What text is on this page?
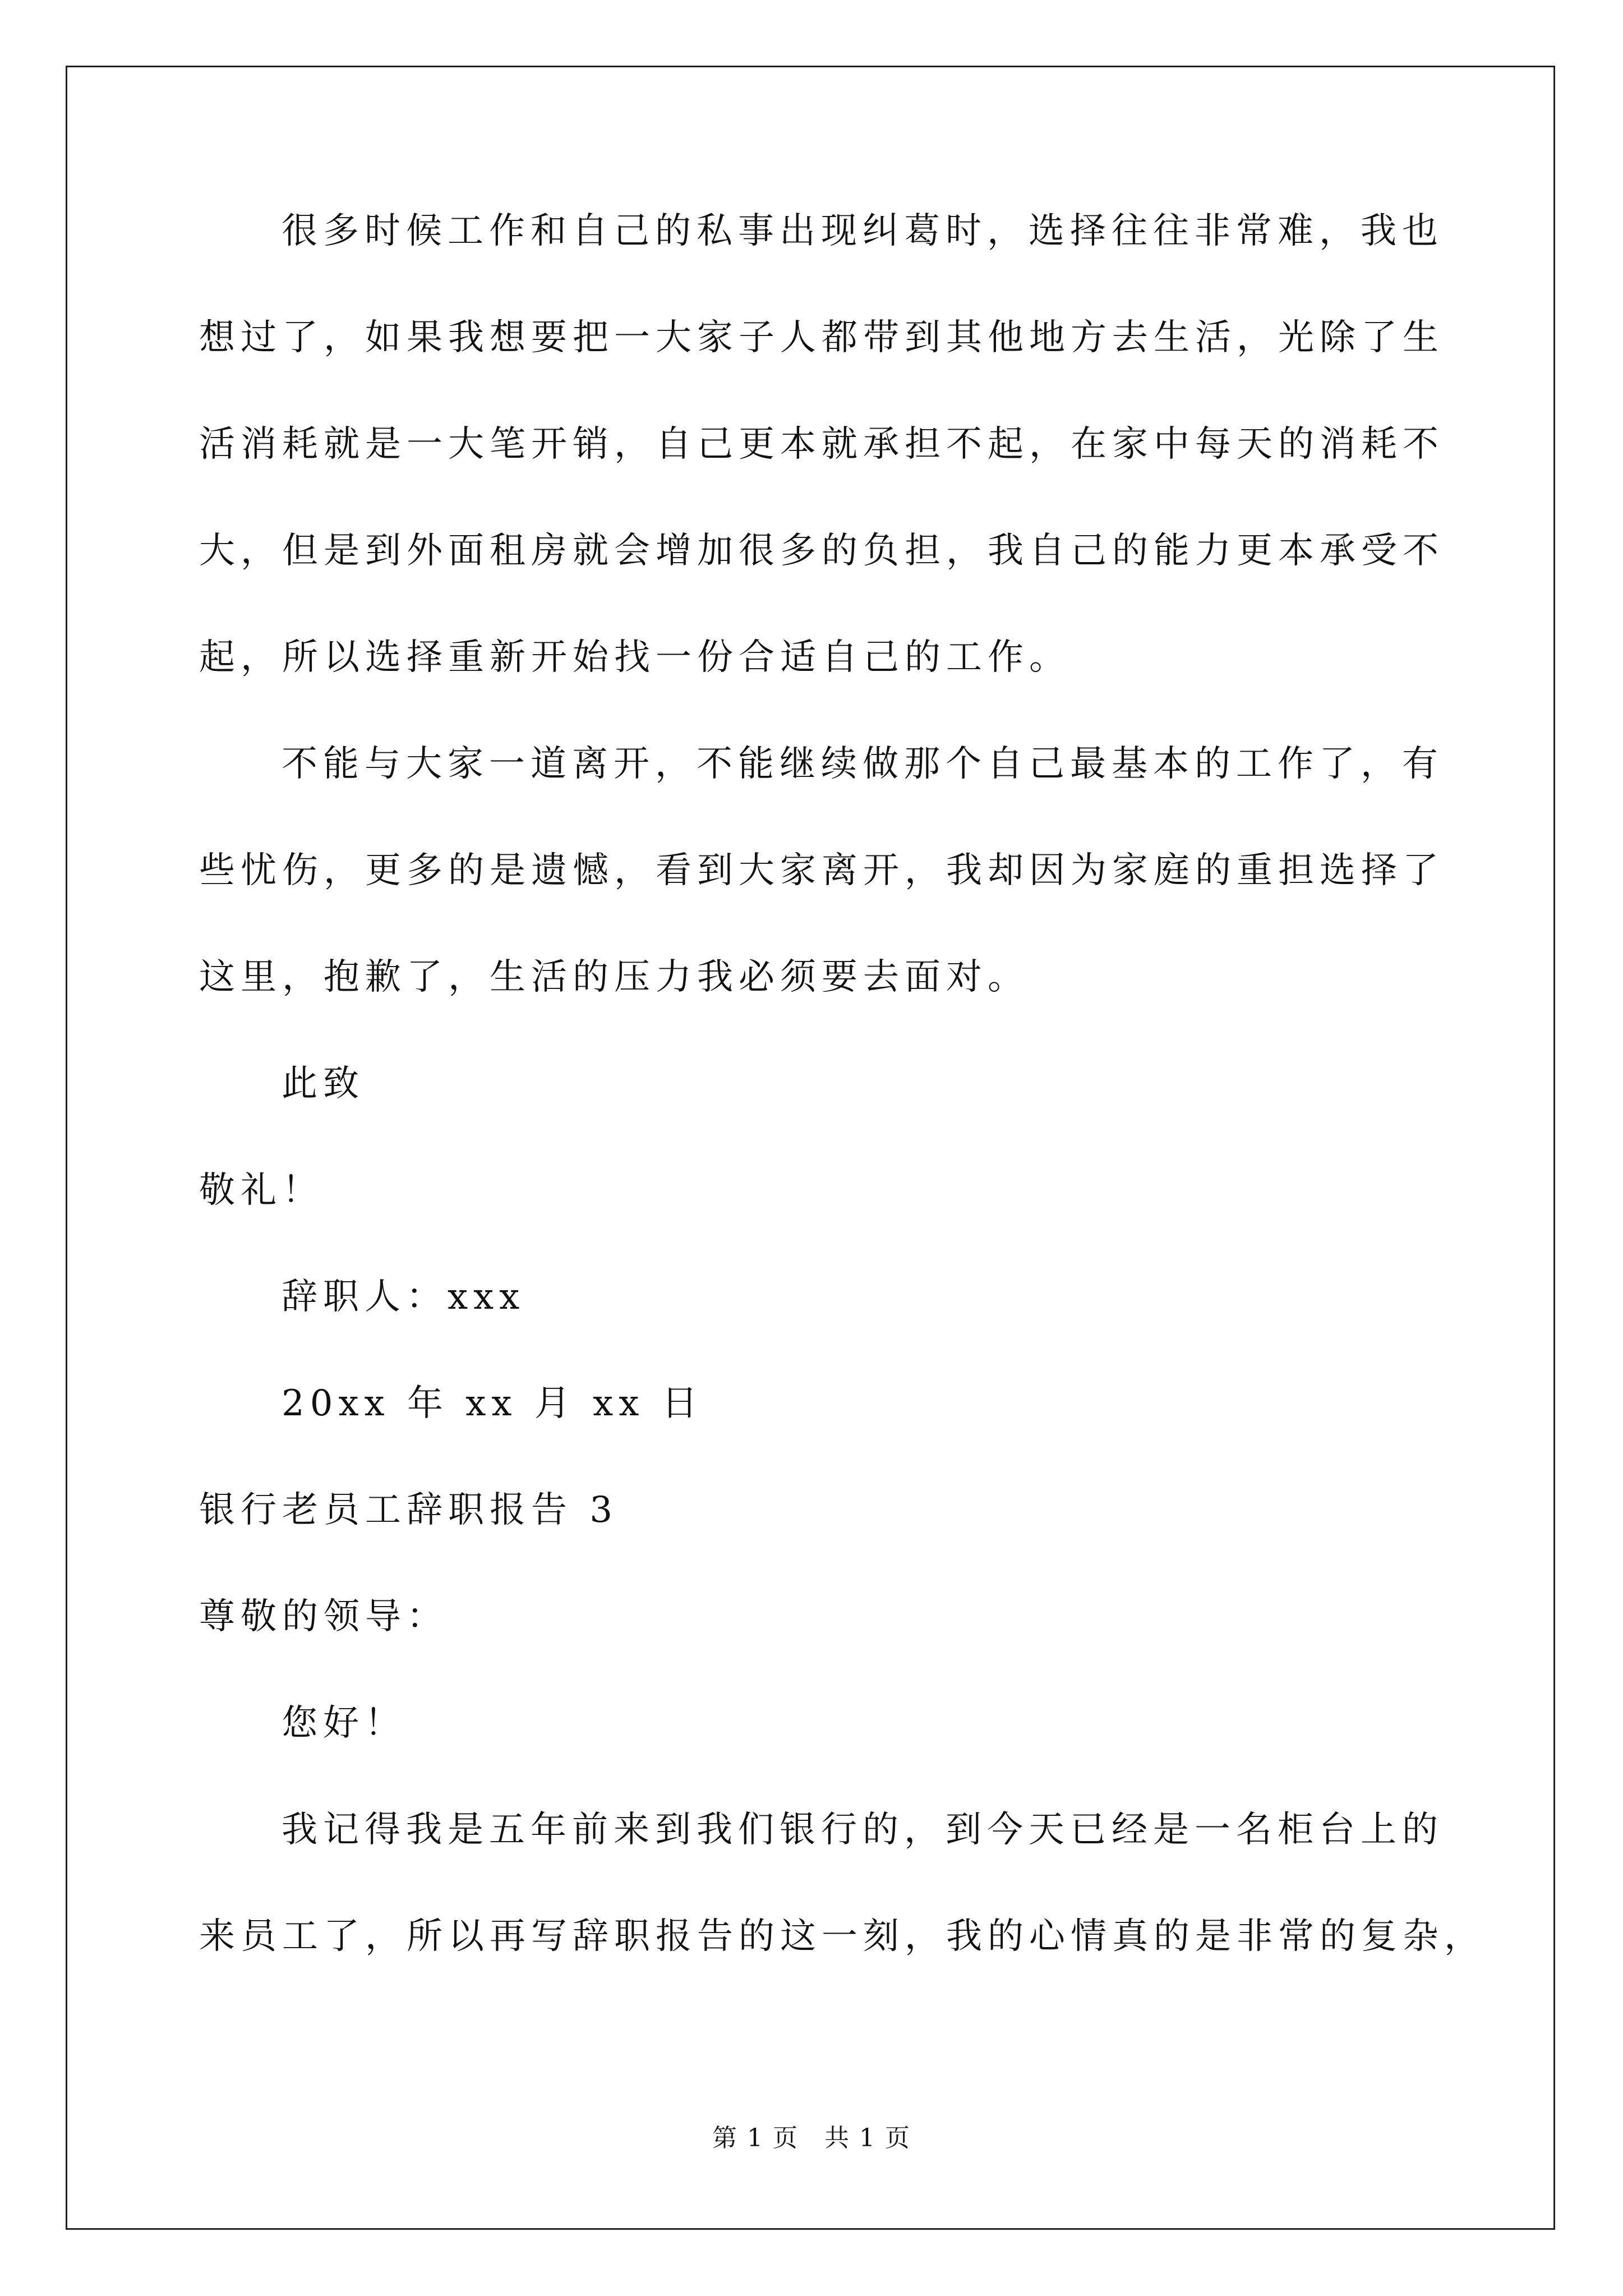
很多时候工作和自己的私事出现纠葛时，选择往往非常难，我也
想过了，如果我想要把一大家子人都带到其他地方去生活，光除了生
活消耗就是一大笔开销，自己更本就承担不起，在家中每天的消耗不
大，但是到外面租房就会增加很多的负担，我自己的能力更本承受不
起，所以选择重新开始找一份合适自己的工作。
不能与大家一道离开，不能继续做那个自己最基本的工作了，有
些忧伤，更多的是遗憾，看到大家离开，我却因为家庭的重担选择了
这里，抱歉了，生活的压力我必须要去面对。
此致
敬礼！
辞职人：xxx
20xx 年 xx 月 xx 日
银行老员工辞职报告 3
尊敬的领导：
您好！
我记得我是五年前来到我们银行的，到今天已经是一名柜台上的
来员工了，所以再写辞职报告的这一刻，我的心情真的是非常的复杂，
第 1 页　共 1 页
